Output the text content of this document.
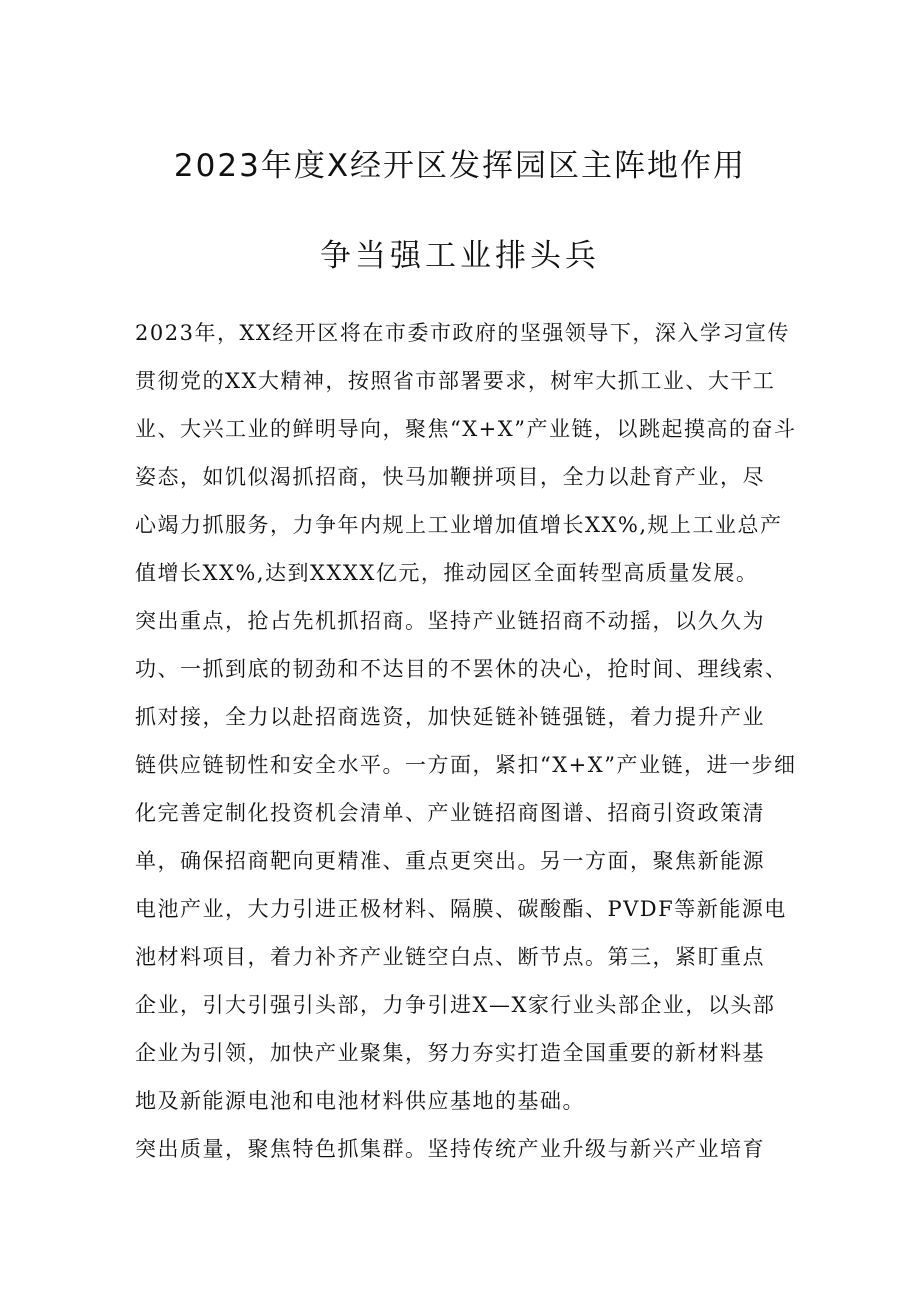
2023年度X经开区发挥园区主阵地作用
争当强工业排头兵
2023年，XX经开区将在市委市政府的坚强领导下，深入学习宣传
贯彻党的XX大精神，按照省市部署要求，树牢大抓工业、大干工
业、大兴工业的鲜明导向，聚焦“X+X”产业链，以跳起摸高的奋斗
姿态，如饥似渴抓招商，快马加鞭拼项目，全力以赴育产业，尽
心竭力抓服务，力争年内规上工业增加值增长XX%,规上工业总产
值增长XX%,达到XXXX亿元，推动园区全面转型高质量发展。
突出重点，抢占先机抓招商。坚持产业链招商不动摇，以久久为
功、一抓到底的韧劲和不达目的不罢休的决心，抢时间、理线索、
抓对接，全力以赴招商选资，加快延链补链强链，着力提升产业
链供应链韧性和安全水平。一方面，紧扣“X+X”产业链，进一步细
化完善定制化投资机会清单、产业链招商图谱、招商引资政策清
单，确保招商靶向更精准、重点更突出。另一方面，聚焦新能源
电池产业，大力引进正极材料、隔膜、碳酸酯、PVDF等新能源电
池材料项目，着力补齐产业链空白点、断节点。第三，紧盯重点
企业，引大引强引头部，力争引进X—X家行业头部企业，以头部
企业为引领，加快产业聚集，努力夯实打造全国重要的新材料基
地及新能源电池和电池材料供应基地的基础。
突出质量，聚焦特色抓集群。坚持传统产业升级与新兴产业培育
